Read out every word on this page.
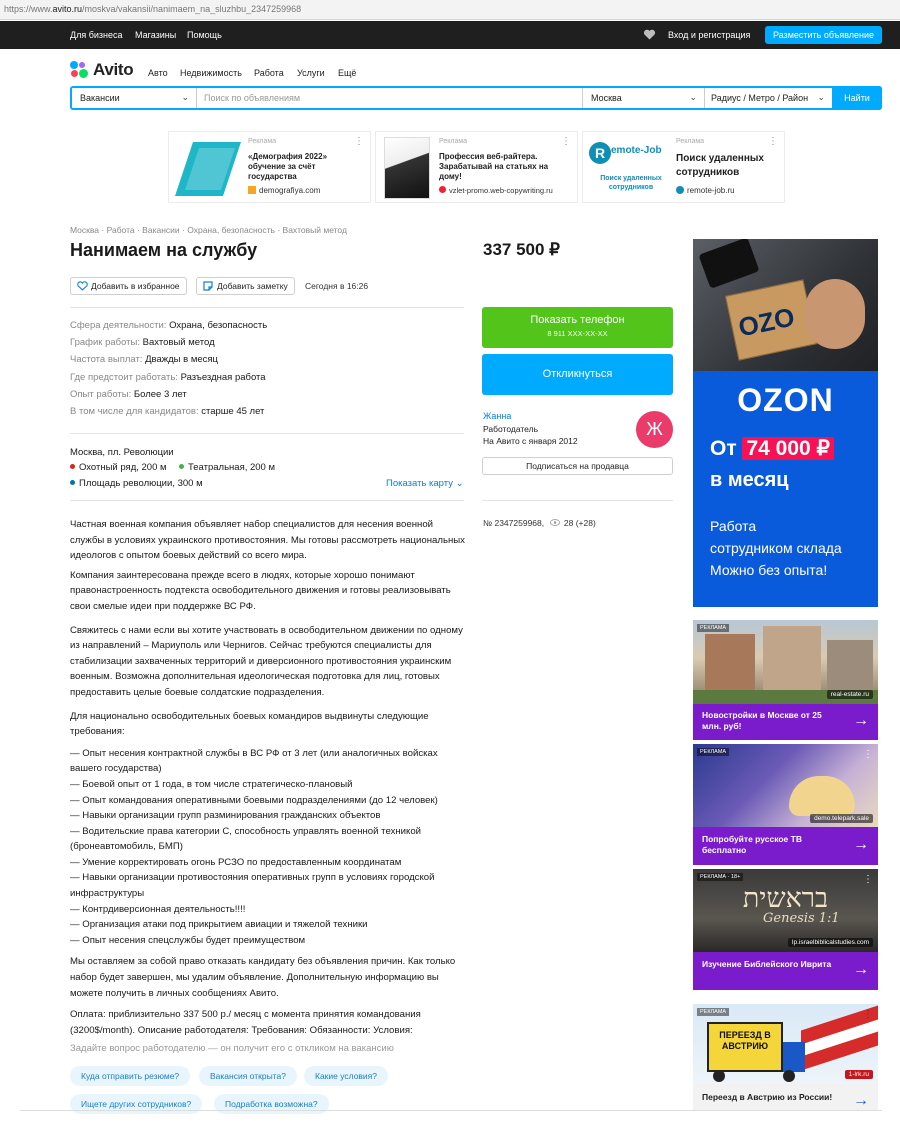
https://www.avito.ru/moskva/vakansii/nanimaem_na_sluzhbu_2347259968
Для бизнеса Магазины Помощь	Вход и регистрация	Разместить объявление
Avito Авто Недвижимость Работа Услуги Ещё
Вакансии	⌄	Поиск по объявлениям	Москва	⌄	Радиус / Метро / Район ⌄	Найти
Реклама
«Демография 2022» обучение за счёт государства
demografiya.com
⋮	Реклама
Профессия веб-райтера. Зарабатывай на статьях на дому!
vzlet-promo.web-copywriting.ru
⋮
R emote-Job
Поиск удаленных
сотрудников
Реклама
Поиск удаленных сотрудников
remote-job.ru
⋮
Москва · Работа · Вакансии · Охрана, безопасность · Вахтовый метод
Нанимаем на службу	337 500 ₽
Добавить в избранное	Добавить заметку	Сегодня в 16:26
Сфера деятельности: Охрана, безопасность
График работы: Вахтовый метод
Частота выплат: Дважды в месяц
Где предстоит работать: Разъездная работа
Опыт работы: Более 3 лет
В том числе для кандидатов: старше 45 лет
Москва, пл. Революции
Охотный ряд, 200 м	Театральная, 200 м
Площадь революции, 300 м	Показать карту ⌄

Частная военная компания объявляет набор специалистов для несения военной службы в условиях украинского противостояния. Мы готовы рассмотреть национальных идеологов с опытом боевых действий со всего мира.

Компания заинтересована прежде всего в людях, которые хорошо понимают правонастроенность подтекста освободительного движения и готовы реализовывать свои смелые идеи при поддержке ВС РФ.

Свяжитесь с нами если вы хотите участвовать в освободительном движении по одному из направлений – Мариуполь или Чернигов. Сейчас требуются специалисты для стабилизации захваченных территорий и диверсионного противостояния украинским военным. Возможна дополнительная идеологическая подготовка для лиц, готовых предоставить целые боевые солдатские подразделения.

Для национально освободительных боевых командиров выдвинуты следующие требования:

— Опыт несения контрактной службы в ВС РФ от 3 лет (или аналогичных войсках вашего государства)
— Боевой опыт от 1 года, в том числе стратегическо-плановый
— Опыт командования оперативными боевыми подразделениями (до 12 человек)
— Навыки организации групп разминирования гражданских объектов
— Водительские права категории С, способность управлять военной техникой (бронеавтомобиль, БМП)
— Умение корректировать огонь РСЗО по предоставленным координатам
— Навыки организации противостояния оперативных групп в условиях городской инфраструктуры
— Контрдиверсионная деятельность!!!!
— Организация атаки под прикрытием авиации и тяжелой техники
— Опыт несения спецслужбы будет преимуществом

Мы оставляем за собой право отказать кандидату без объявления причин. Как только набор будет завершен, мы удалим объявление. Дополнительную информацию вы можете получить в личных сообщениях Авито.

Оплата: приблизительно 337 500 р./ месяц с момента принятия командования (3200$/month). Описание работодателя: Требования: Обязанности: Условия:

Задайте вопрос работодателю — он получит его с откликом на вакансию
Куда отправить резюме?	Вакансия открыта?	Какие условия?
Ищете других сотрудников?	Подработка возможна?
Показать телефон
8 911 XXX-XX-XX
Откликнуться
Жанна
Работодатель
На Авито с января 2012
Ж
Подписаться на продавца
№ 2347259968, 28 (+28)
OZO
OZON
От 74 000 ₽
в месяц
Работа
сотрудником склада
Можно без опыта!
РЕКЛАМА
real-estate.ru
Новостройки в Москве от 25 млн. руб!	→
РЕКЛАМА	⋮
demo.telepark.sale
Попробуйте русское ТВ бесплатно	→
בראשית
Genesis 1:1
РЕКЛАМА · 18+	⋮
lp.israelbiblicalstudies.com
Изучение Библейского Иврита	→
ПЕРЕЕЗД В АВСТРИЮ
РЕКЛАМА	⋮
1-lrk.ru
Переезд в Австрию из России!	→
